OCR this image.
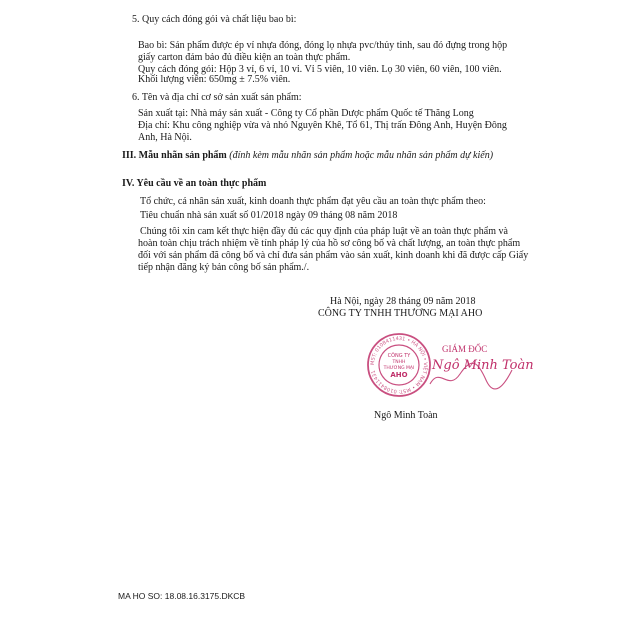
5. Quy cách đóng gói và chất liệu bao bì:
Bao bì: Sản phẩm được ép vỉ nhựa đóng, đóng lọ nhựa pvc/thủy tinh, sau đó đựng trong hộp
giấy carton đảm bảo đủ điều kiện an toàn thực phẩm.
Quy cách đóng gói: Hộp 3 vỉ, 6 vỉ, 10 vỉ. Vỉ 5 viên, 10 viên. Lọ 30 viên, 60 viên, 100 viên.
Khối lượng viên: 650mg ± 7.5% viên.
6. Tên và địa chỉ cơ sở sản xuất sản phẩm:
Sản xuất tại: Nhà máy sản xuất - Công ty Cổ phần Dược phẩm Quốc tế Thăng Long
Địa chỉ: Khu công nghiệp vừa và nhỏ Nguyên Khê, Tổ 61, Thị trấn Đông Anh, Huyện Đông
Anh, Hà Nội.
III. Mẫu nhãn sản phẩm (đính kèm mẫu nhãn sản phẩm hoặc mẫu nhãn sản phẩm dự kiến)
IV. Yêu cầu về an toàn thực phẩm
Tổ chức, cá nhân sản xuất, kinh doanh thực phẩm đạt yêu cầu an toàn thực phẩm theo:
Tiêu chuẩn nhà sản xuất số 01/2018 ngày 09 tháng 08 năm 2018
Chúng tôi xin cam kết thực hiện đầy đủ các quy định của pháp luật về an toàn thực phẩm và
hoàn toàn chịu trách nhiệm về tính pháp lý của hồ sơ công bố và chất lượng, an toàn thực phẩm
đối với sản phẩm đã công bố và chỉ đưa sản phẩm vào sản xuất, kinh doanh khi đã được cấp Giấy
tiếp nhận đăng ký bản công bố sản phẩm./.
Hà Nội, ngày 28 tháng 09 năm 2018
CÔNG TY TNHH THƯƠNG MẠI AHO
MST: 0108411431 • HÀ NỘI • VIỆT NAM • MST: 0108411431
CÔNG TY
TNHH
THƯƠNG MẠI
AHO
GIÁM ĐỐC
Ngô Minh Toàn
Ngô Minh Toàn
MA HO SO: 18.08.16.3175.DKCB
